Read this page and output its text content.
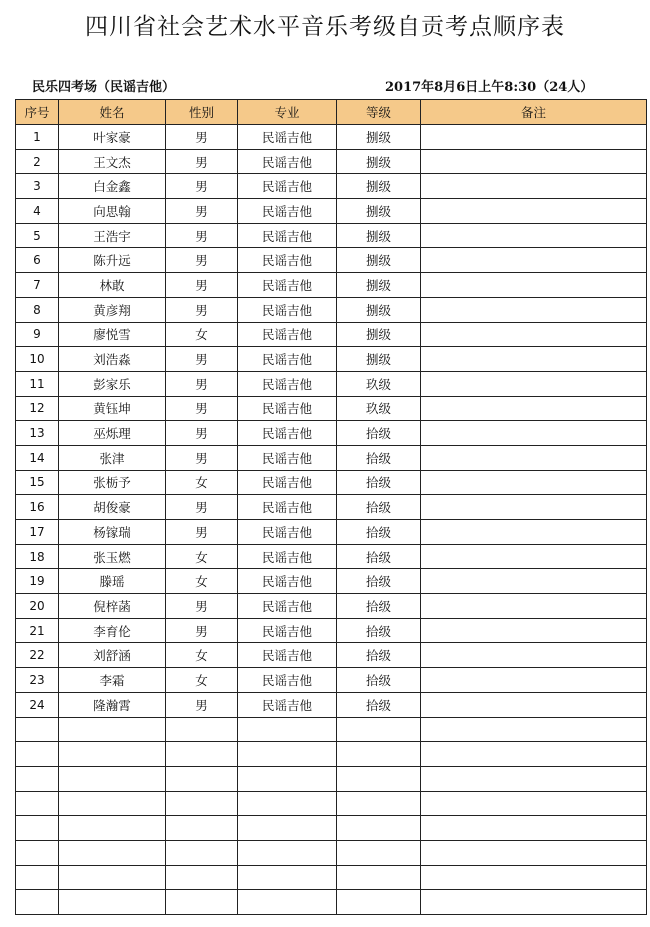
四川省社会艺术水平音乐考级自贡考点顺序表
民乐四考场（民谣吉他）	2017年8月6日上午8:30（24人）
序号	姓名	性别	专业	等级	备注
1	叶家豪	男	民谣吉他	捌级	
2	王文杰	男	民谣吉他	捌级	
3	白金鑫	男	民谣吉他	捌级	
4	向思翰	男	民谣吉他	捌级	
5	王浩宇	男	民谣吉他	捌级	
6	陈升远	男	民谣吉他	捌级	
7	林敢	男	民谣吉他	捌级	
8	黄彦翔	男	民谣吉他	捌级	
9	廖悦雪	女	民谣吉他	捌级	
10	刘浩淼	男	民谣吉他	捌级	
11	彭家乐	男	民谣吉他	玖级	
12	黄钰坤	男	民谣吉他	玖级	
13	巫烁理	男	民谣吉他	拾级	
14	张津	男	民谣吉他	拾级	
15	张栃予	女	民谣吉他	拾级	
16	胡俊豪	男	民谣吉他	拾级	
17	杨镓瑞	男	民谣吉他	拾级	
18	张玉燃	女	民谣吉他	拾级	
19	滕瑶	女	民谣吉他	拾级	
20	倪梓菡	男	民谣吉他	拾级	
21	李育伦	男	民谣吉他	拾级	
22	刘舒涵	女	民谣吉他	拾级	
23	李霜	女	民谣吉他	拾级	
24	隆瀚霄	男	民谣吉他	拾级	
